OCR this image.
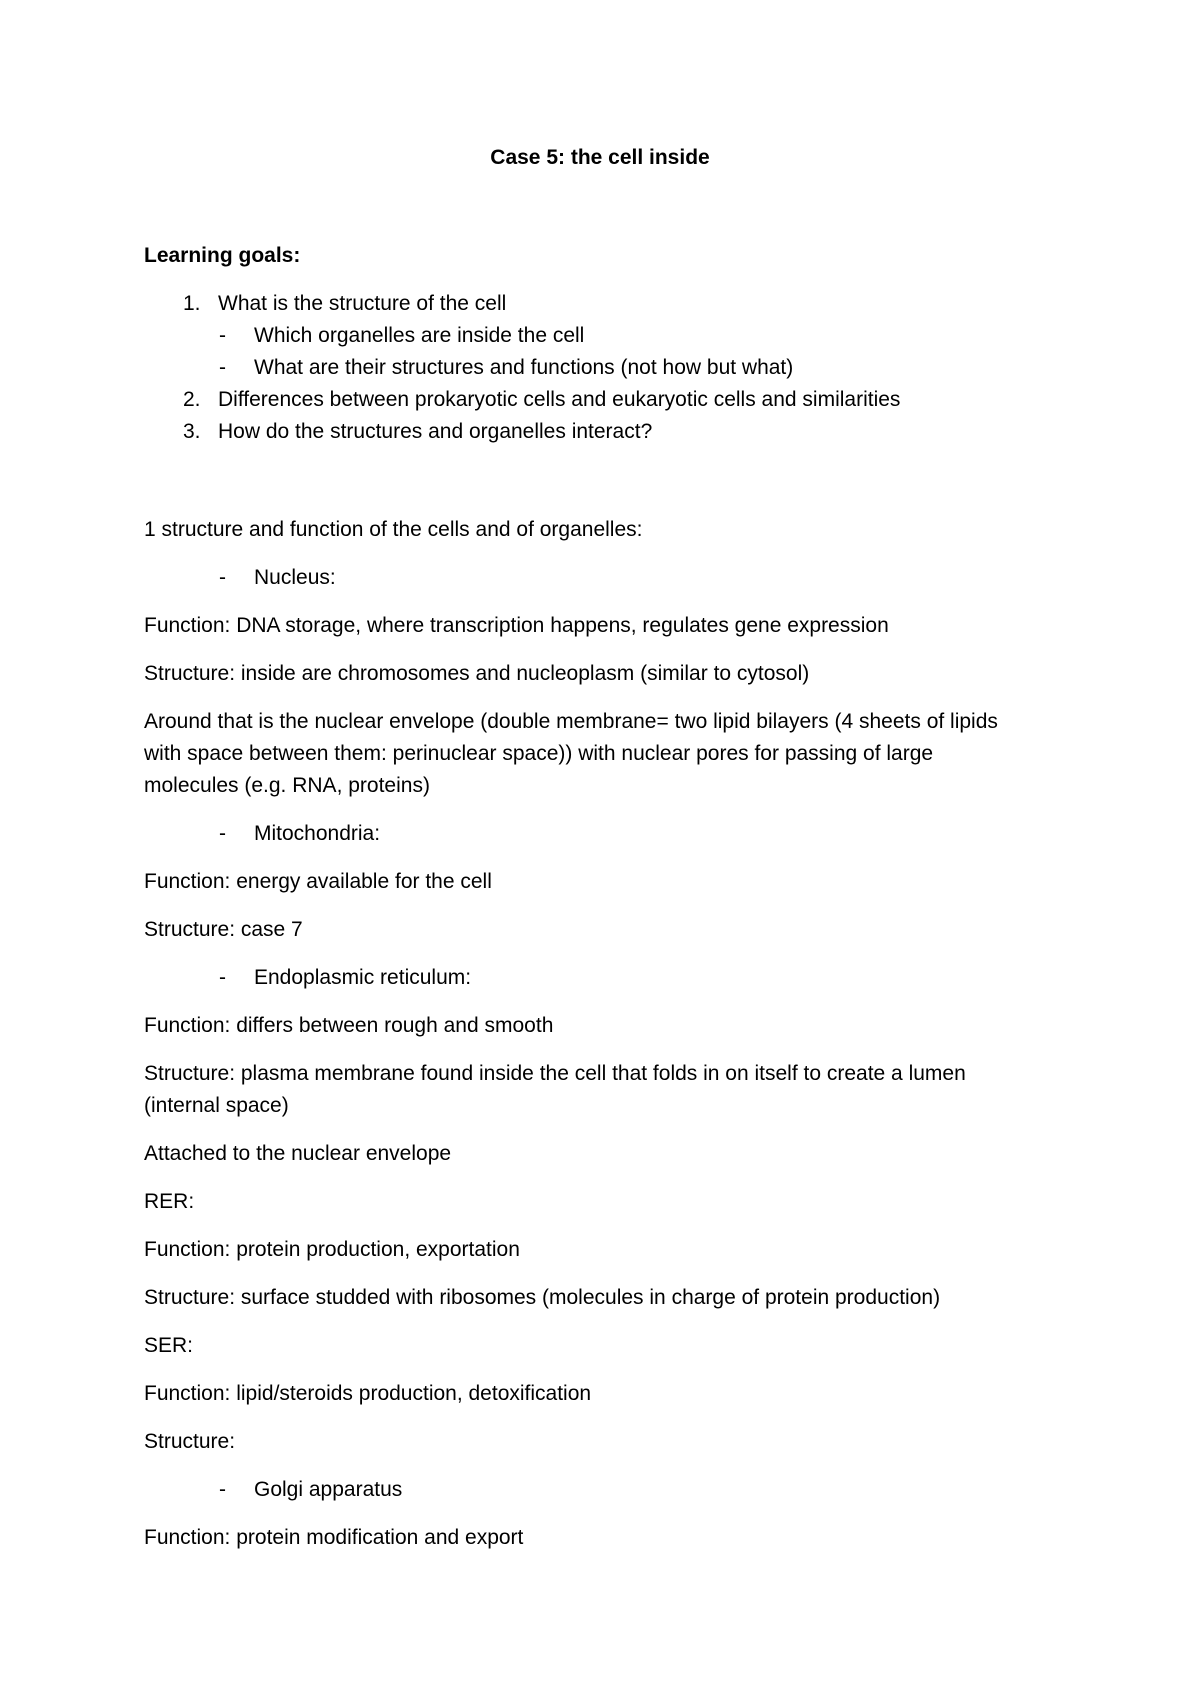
Case 5: the cell inside

Learning goals:

1. What is the structure of the cell

- Which organelles are inside the cell

- What are their structures and functions (not how but what)

2. Differences between prokaryotic cells and eukaryotic cells and similarities

3. How do the structures and organelles interact?

1 structure and function of the cells and of organelles:

- Nucleus:

Function: DNA storage, where transcription happens, regulates gene expression

Structure: inside are chromosomes and nucleoplasm (similar to cytosol)

Around that is the nuclear envelope (double membrane= two lipid bilayers (4 sheets of lipids

with space between them: perinuclear space)) with nuclear pores for passing of large

molecules (e.g. RNA, proteins)

- Mitochondria:

Function: energy available for the cell

Structure: case 7

- Endoplasmic reticulum:

Function: differs between rough and smooth

Structure: plasma membrane found inside the cell that folds in on itself to create a lumen

(internal space)

Attached to the nuclear envelope

RER:

Function: protein production, exportation

Structure: surface studded with ribosomes (molecules in charge of protein production)

SER:

Function: lipid/steroids production, detoxification

Structure:

- Golgi apparatus

Function: protein modification and export
